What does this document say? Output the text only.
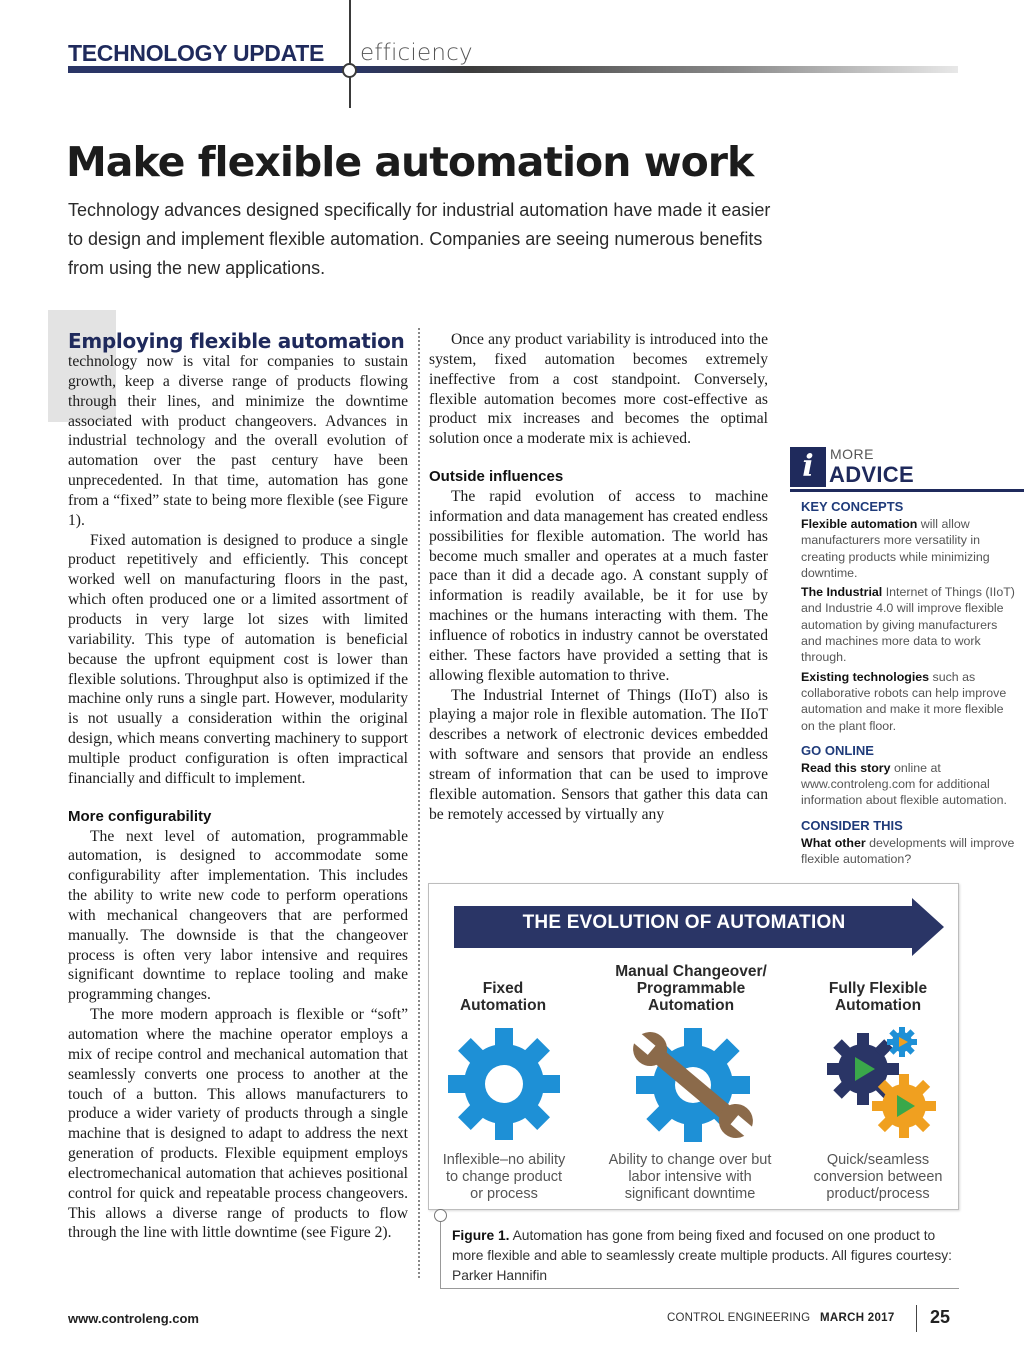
TECHNOLOGY UPDATE efficiency
Make flexible automation work

Technology advances designed specifically for industrial automation have made it easier to design and implement flexible automation. Companies are seeing numerous benefits from using the new applications.

Employing flexible automation

technology now is vital for companies to sustain growth, keep a diverse range of products flowing through their lines, and minimize the downtime associated with product changeovers. Advances in industrial technology and the overall evolution of automation over the past century have been unprecedented. In that time, automation has gone from a “fixed” state to being more flexible (see Figure 1).

Fixed automation is designed to produce a single product repetitively and efficiently. This concept worked well on manufacturing floors in the past, which often produced one or a limited assortment of products in very large lot sizes with limited variability. This type of automation is beneficial because the upfront equipment cost is lower than flexible solutions. Throughput also is optimized if the machine only runs a single part. However, modularity is not usually a consideration within the original design, which means converting machinery to support multiple product configuration is often impractical financially and difficult to implement.

More configurability

The next level of automation, programmable automation, is designed to accommodate some configurability after implementation. This includes the ability to write new code to perform operations with mechanical changeovers that are performed manually. The downside is that the changeover process is often very labor intensive and requires significant downtime to replace tooling and make programming changes.

The more modern approach is flexible or “soft” automation where the machine operator employs a mix of recipe control and mechanical automation that seamlessly converts one process to another at the touch of a button. This allows manufacturers to produce a wider variety of products through a single machine that is designed to adapt to address the next generation of products. Flexible equipment employs electromechanical automation that achieves positional control for quick and repeatable process changeovers. This allows a diverse range of products to flow through the line with little downtime (see Figure 2).

Once any product variability is introduced into the system, fixed automation becomes extremely ineffective from a cost standpoint. Conversely, flexible automation becomes more cost-effective as product mix increases and becomes the optimal solution once a moderate mix is achieved.

Outside influences

The rapid evolution of access to machine information and data management has created endless possibilities for flexible automation. The world has become much smaller and operates at a much faster pace than it did a decade ago. A constant supply of information is readily available, be it for use by machines or the humans interacting with them. The influence of robotics in industry cannot be overstated either. These factors have provided a setting that is allowing flexible automation to thrive.

The Industrial Internet of Things (IIoT) also is playing a major role in flexible automation. The IIoT describes a network of electronic devices embedded with software and sensors that provide an endless stream of information that can be used to improve flexible automation. Sensors that gather this data can be remotely accessed by virtually any

i	MORE
ADVICE
KEY CONCEPTS

Flexible automation will allow manufacturers more versatility in creating products while minimizing downtime.

The Industrial Internet of Things (IIoT) and Industrie 4.0 will improve flexible automation by giving manufacturers and machines more data to work through.

Existing technologies such as collaborative robots can help improve automation and make it more flexible on the plant floor.

GO ONLINE

Read this story online at www.controleng.com for additional information about flexible automation.

CONSIDER THIS

What other developments will improve flexible automation?

THE EVOLUTION OF AUTOMATION
Fixed
Automation
Manual Changeover/
Programmable
Automation
Fully Flexible
Automation
Inflexible–no ability
to change product
or process
Ability to change over but
labor intensive with
significant downtime
Quick/seamless
conversion between
product/process

Figure 1. Automation has gone from being fixed and focused on one product to more flexible and able to seamlessly create multiple products. All figures courtesy: Parker Hannifin

www.controleng.com	CONTROL ENGINEERING MARCH 2017 25
